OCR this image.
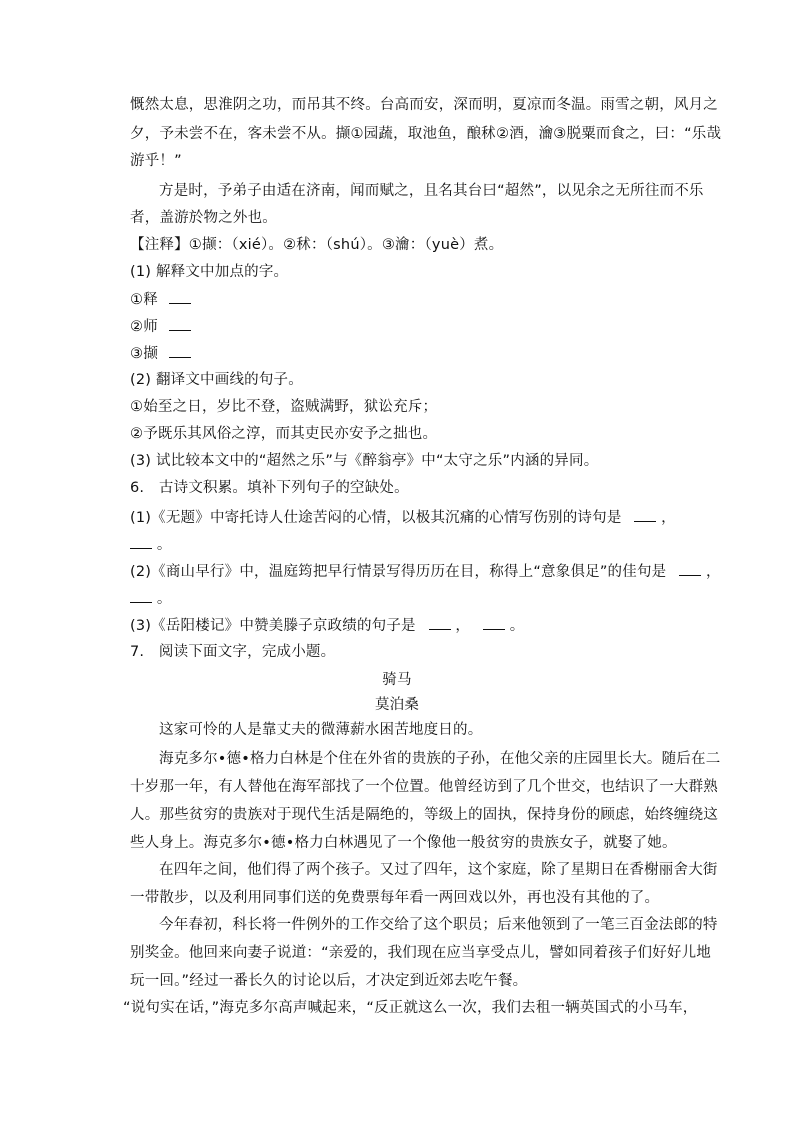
慨然太息，思淮阴之功，而吊其不终。台高而安，深而明，夏凉而冬温。雨雪之朝，风月之
夕，予未尝不在，客未尝不从。撷①园蔬，取池鱼，酿秫②酒，瀹③脱粟而食之，曰：“乐哉
游乎！”
方是时，予弟子由适在济南，闻而赋之，且名其台曰“超然”，以见余之无所往而不乐
者，盖游於物之外也。
【注释】①撷：（xié）。②秫：（shú）。③瀹：（yuè）煮。
(1) 解释文中加点的字。
①释
②师
③撷
(2) 翻译文中画线的句子。
①始至之日，岁比不登，盗贼满野，狱讼充斥；
②予既乐其风俗之淳，而其吏民亦安予之拙也。
(3) 试比较本文中的“超然之乐”与《醉翁亭》中“太守之乐”内涵的异同。
6.　古诗文积累。填补下列句子的空缺处。
(1)《无题》中寄托诗人仕途苦闷的心情，以极其沉痛的心情写伤别的诗句是	，
。
(2)《商山早行》中，温庭筠把早行情景写得历历在目，称得上“意象俱足”的佳句是	，
。
(3)《岳阳楼记》中赞美滕子京政绩的句子是	，	。
7.　阅读下面文字，完成小题。
骑马
莫泊桑
这家可怜的人是靠丈夫的微薄薪水困苦地度日的。
海克多尔•德•格力白林是个住在外省的贵族的子孙，在他父亲的庄园里长大。随后在二
十岁那一年，有人替他在海军部找了一个位置。他曾经访到了几个世交，也结识了一大群熟
人。那些贫穷的贵族对于现代生活是隔绝的，等级上的固执，保持身份的顾虑，始终缠绕这
些人身上。海克多尔•德•格力白林遇见了一个像他一般贫穷的贵族女子，就娶了她。
在四年之间，他们得了两个孩子。又过了四年，这个家庭，除了星期日在香榭丽舍大街
一带散步，以及利用同事们送的免费票每年看一两回戏以外，再也没有其他的了。
今年春初，科长将一件例外的工作交给了这个职员；后来他领到了一笔三百金法郎的特
别奖金。他回来向妻子说道：“亲爱的，我们现在应当享受点儿，譬如同着孩子们好好儿地
玩一回。”经过一番长久的讨论以后，才决定到近郊去吃午餐。
“说句实在话，”海克多尔高声喊起来，“反正就这么一次，我们去租一辆英国式的小马车，
